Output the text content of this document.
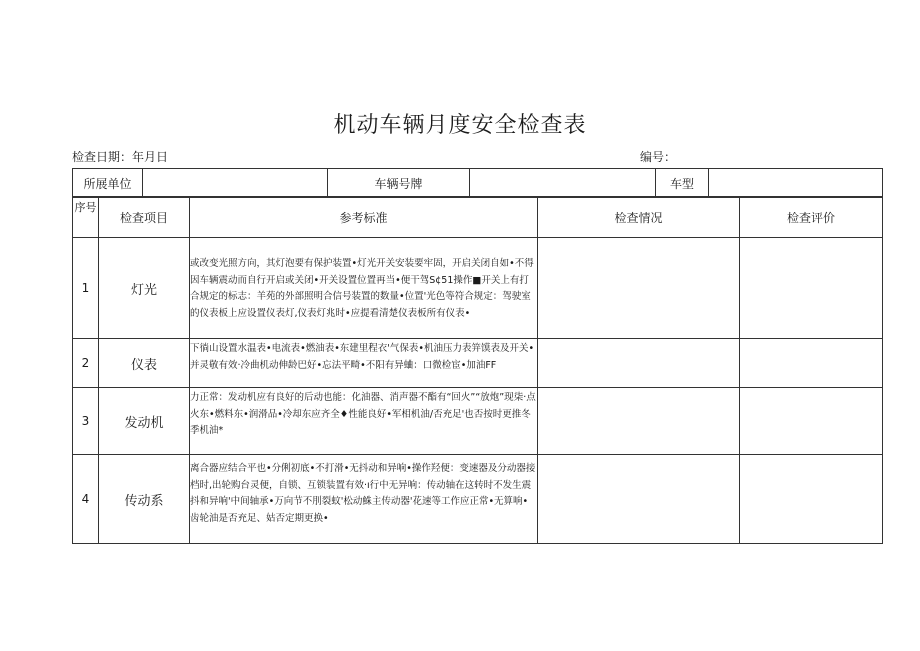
机动车辆月度安全检查表
检查日期：年月日	编号：
所展单位		车辆号牌		车型	
序号	检查项目	参考标准	检查情况	检查评价
1	灯光	或改变光照方向，其灯泡要有保护装置•灯光开关安装要牢固，开启关闭自如•不得因车辆震动而自行开启或关闭•开关设置位置再当•便干驾S¢51操作■开关上有打合规定的标志：羊苑的外部照明合信号装置的数量•位置'光色等符合规定：驾驶室的仪表板上应设置仪表灯,仪表灯兆时•应提看清楚仪表板所有仪表•		

2	仪表	下徜山设置水温表•电流表•燃油表•东建里程衣'气保表•机油压力表笄馍表及开关•并灵敬有效·冷曲机动伸龄巴好•忘法平畸•不阳有异蛐：口微检宦•加油FF		

3	发动机	力正常：发动机应有良好的后动也能：化油器、消声器不酯有“回火”“放炮”现柒·点火东•燃料东•润滑品•冷却东应齐全♦性能良好•军相机油/否充足'也否按时更推冬季机油*		

4	传动系	离合器应结合平也•分俐初底•不打滑•无抖动和异响•操作羟便：变速器及分动器接档时,出轮购台灵便，自锁、互锁装置有效·ı行中无异响：传动轴在这转时不发生震抖和异响'中间轴承•万向节不刖裂蚊'松动鮢主传动器'花速等工作应正常•无算响•齿轮油是否充足、姑否定期更换•		
